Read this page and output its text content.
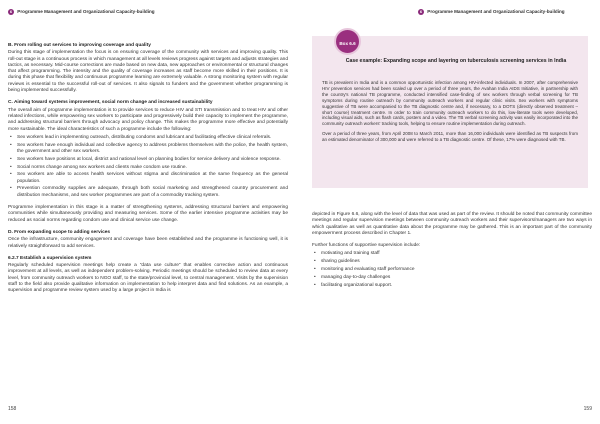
6 Programme Management and Organizational Capacity-building
B. From rolling out services to improving coverage and quality
During this stage of implementation the focus is on ensuring coverage of the community with services and improving quality. This roll-out stage is a continuous process in which management at all levels reviews progress against targets and adjusts strategies and tactics, as necessary. Mid-course corrections are made based on new data, new approaches or environmental or structural changes that affect programming. The intensity and the quality of coverage increases as staff become more skilled in their positions. It is during this phase that flexibility and continuous programme learning are extremely valuable. A strong monitoring system with regular reviews is essential to the successful roll-out of services. It also signals to funders and the government whether programming is being implemented successfully.
C. Aiming toward systems improvement, social norm change and increased sustainability
The overall aim of programme implementation is to provide services to reduce HIV and STI transmission and to treat HIV and other related infections, while empowering sex workers to participate and progressively build their capacity to implement the programme, and addressing structural barriers through advocacy and policy change. This makes the programme more effective and potentially more sustainable. The ideal characteristics of such a programme include the following:
• Sex workers lead in implementing outreach, distributing condoms and lubricant and facilitating effective clinical referrals.
• Sex workers have enough individual and collective agency to address problems themselves with the police, the health system, the government and other sex workers.
• Sex workers have positions at local, district and national level on planning bodies for service delivery and violence response.
• Social norms change among sex workers and clients make condom use routine.
• Sex workers are able to access health services without stigma and discrimination at the same frequency as the general population.
• Prevention commodity supplies are adequate, through both social marketing and strengthened country procurement and distribution mechanisms, and sex worker programmes are part of a commodity tracking system.
Programme implementation in this stage is a matter of strengthening systems, addressing structural barriers and empowering communities while simultaneously providing and measuring services. Some of the earlier intensive programme activities may be reduced as social norms regarding condom use and clinical service use change.
D. From expanding scope to adding services
Once the infrastructure, community engagement and coverage have been established and the programme is functioning well, it is relatively straightforward to add services.
6.2.7 Establish a supervision system
Regularly scheduled supervision meetings help create a “data use culture” that enables corrective action and continuous improvement at all levels, as well as independent problem-solving. Periodic meetings should be scheduled to review data at every level, from community outreach workers to NGO staff, to the state/provincial level, to central management. Visits by the supervision staff to the field also provide qualitative information on implementation to help interpret data and find solutions. As an example, a supervision and programme review system used by a large project in India is
158
6 Programme Management and Organizational Capacity-building
Box 6.6
Case example: Expanding scope and layering on tuberculosis screening services in India
TB is prevalent in India and is a common opportunistic infection among HIV-infected individuals. In 2007, after comprehensive HIV prevention services had been scaled up over a period of three years, the Avahan India AIDS Initiative, in partnership with the country's national TB programme, conducted intensified case-finding of sex workers through verbal screening for TB symptoms during routine outreach by community outreach workers and regular clinic visits. Sex workers with symptoms suggestive of TB were accompanied to the TB diagnostic centre and, if necessary, to a DOTS (directly observed treatment – short course) treatment centre. In order to train community outreach workers to do this, low-literate tools were developed, including visual aids, such as flash cards, posters and a video. The TB verbal screening activity was easily incorporated into the community outreach workers' tracking tools, helping to ensure routine implementation during outreach.
Over a period of three years, from April 2008 to March 2011, more than 16,000 individuals were identified as TB suspects from an estimated denominator of 300,000 and were referred to a TB diagnostic centre. Of these, 17% were diagnosed with TB.
depicted in Figure 6.6, along with the level of data that was used as part of the review. It should be noted that community committee meetings and regular supervision meetings between community outreach workers and their supervisors/managers are two ways in which qualitative as well as quantitative data about the programme may be gathered. This is an important part of the community empowerment process described in Chapter 1.
Further functions of supportive supervision include:
• motivating and training staff
• sharing guidelines
• monitoring and evaluating staff performance
• managing day-to-day challenges
• facilitating organizational support.
159
